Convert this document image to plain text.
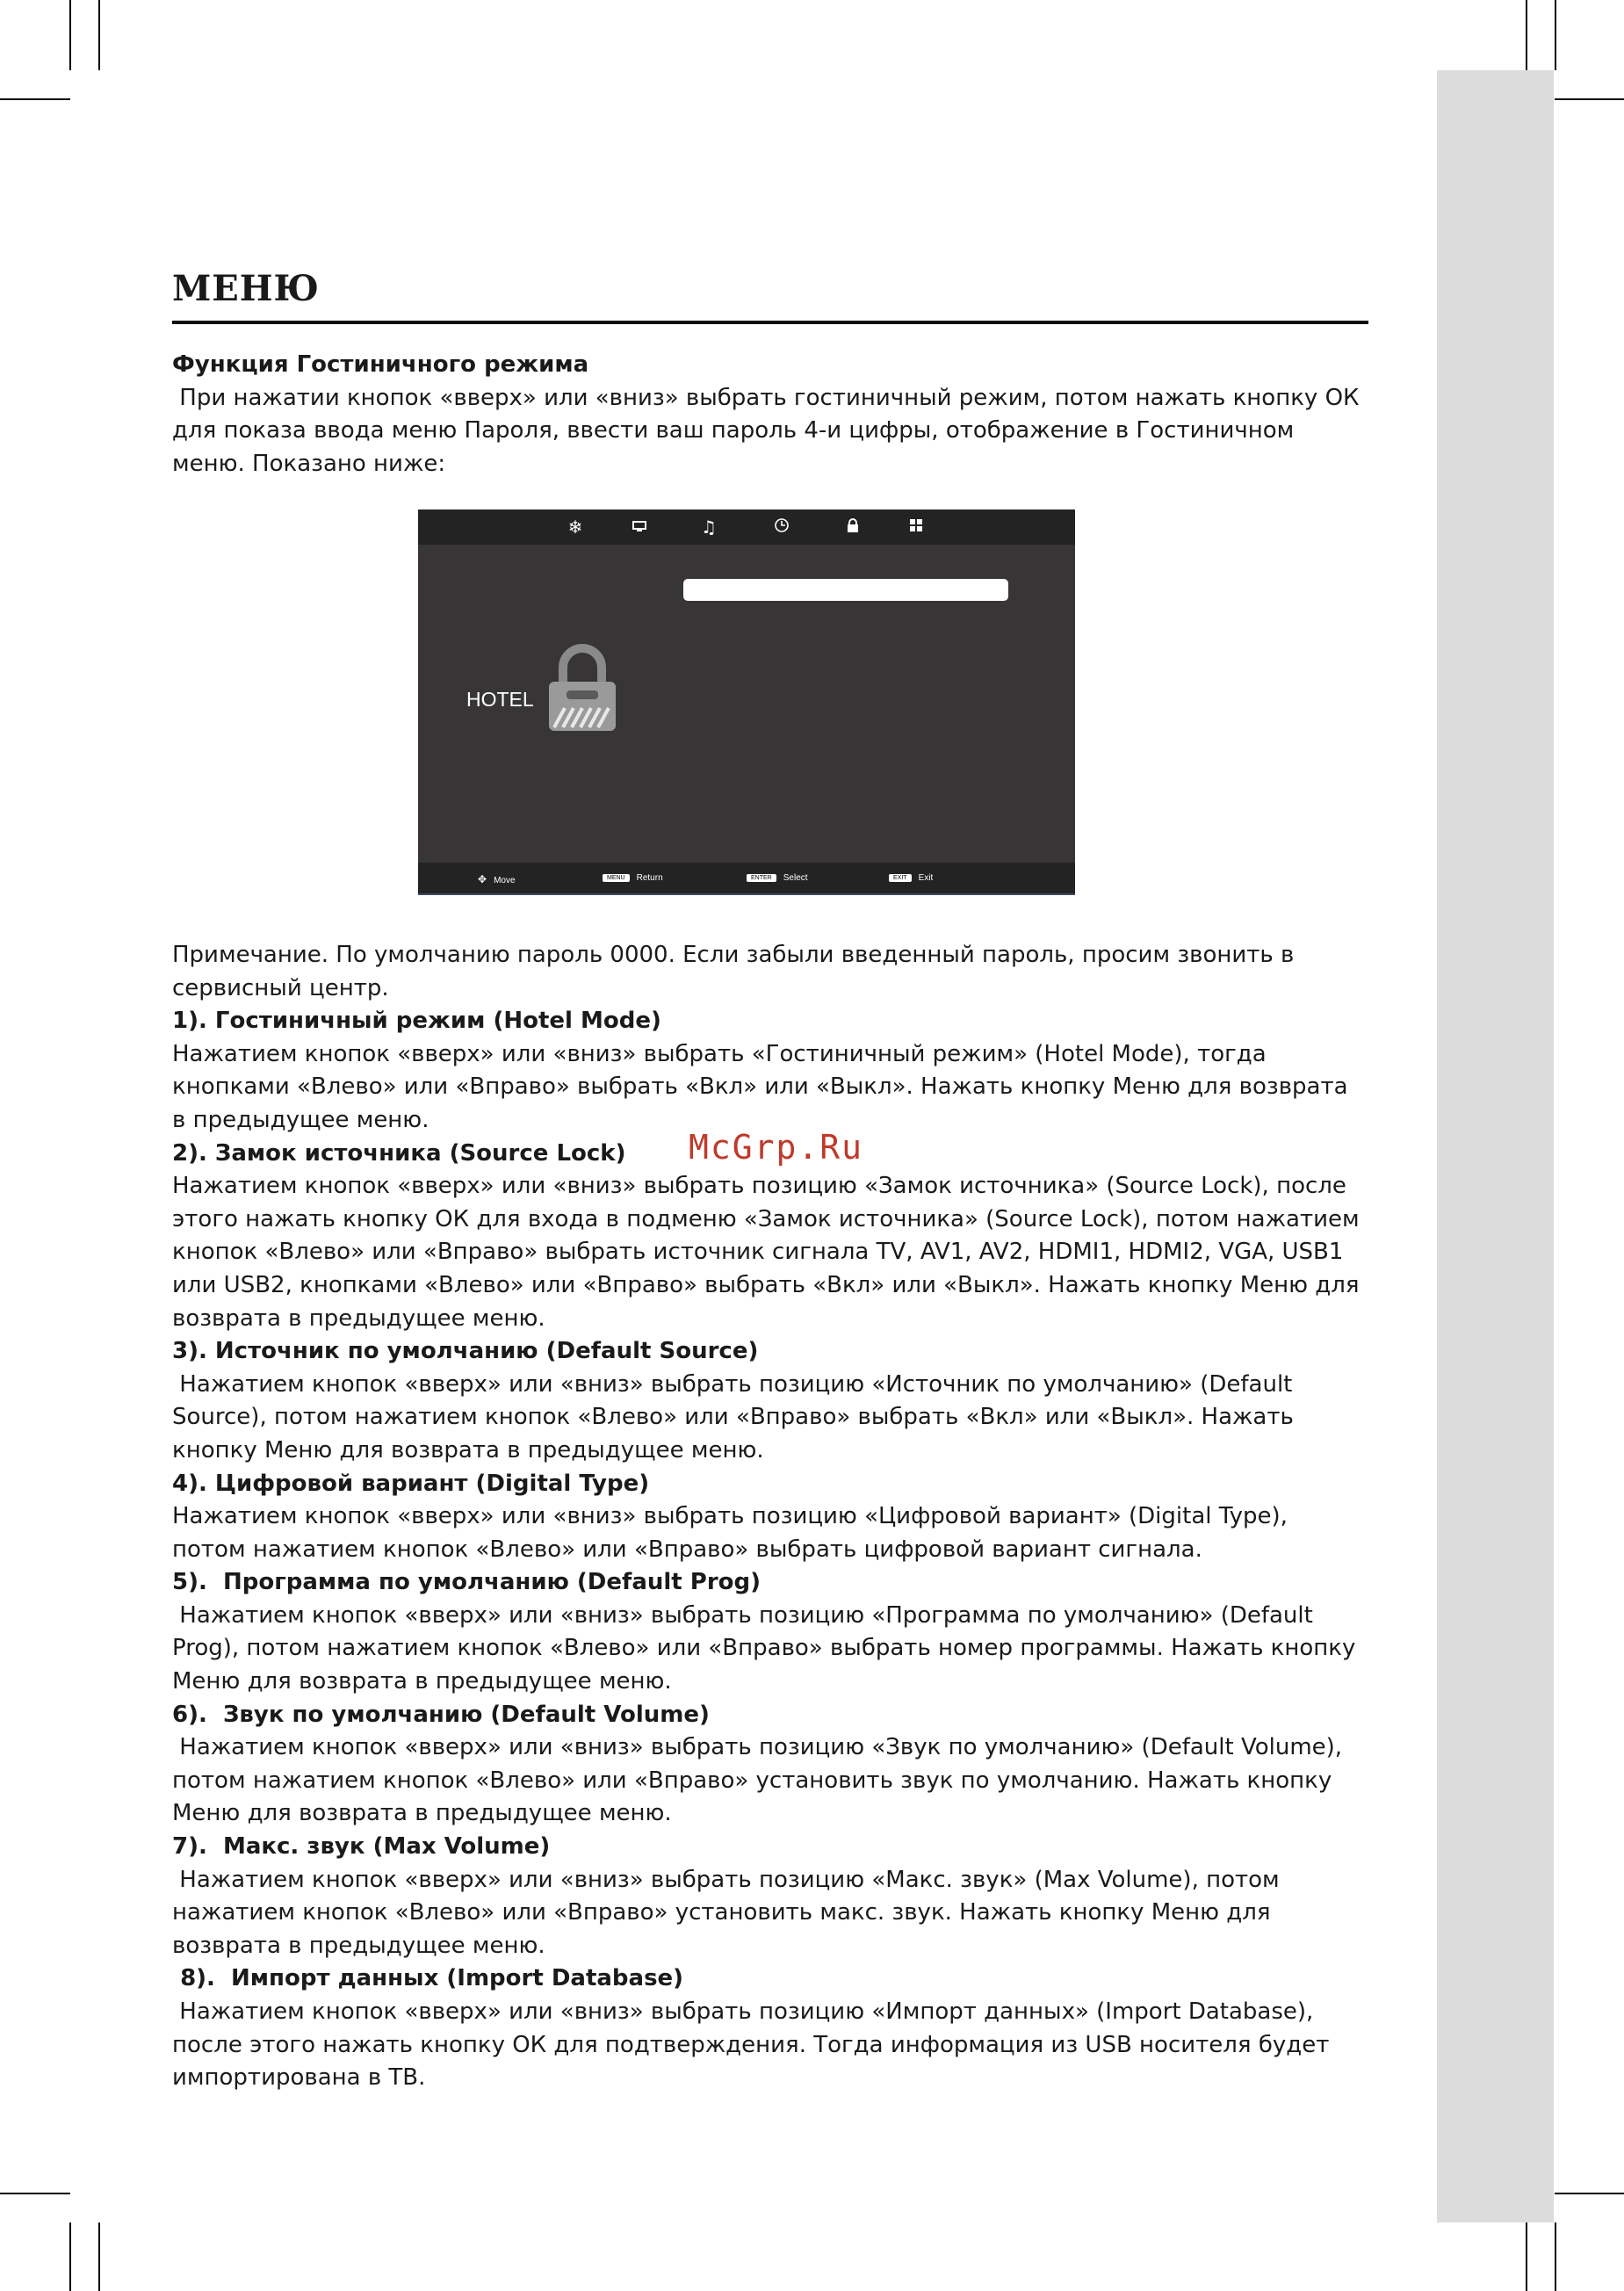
МЕНЮ
Функция Гостиничного режима
При нажатии кнопок «вверх» или «вниз» выбрать гостиничный режим, потом нажать кнопку ОК для показа ввода меню Пароля, ввести ваш пароль 4-и цифры, отображение в Гостиничном меню. Показано ниже:
❄	♫
HOTEL
✥ Move	MENU Return	ENTER Select	EXIT Exit

Примечание. По умолчанию пароль 0000. Если забыли введенный пароль, просим звонить в сервисный центр.

1). Гостиничный режим (Hotel Mode)

Нажатием кнопок «вверх» или «вниз» выбрать «Гостиничный режим» (Hotel Mode), тогда кнопками «Влево» или «Вправо» выбрать «Вкл» или «Выкл». Нажать кнопку Меню для возврата в предыдущее меню.

2). Замок источника (Source Lock)

Нажатием кнопок «вверх» или «вниз» выбрать позицию «Замок источника» (Source Lock), после этого нажать кнопку ОК для входа в подменю «Замок источника» (Source Lock), потом нажатием кнопок «Влево» или «Вправо» выбрать источник сигнала TV, AV1, AV2, HDMI1, HDMI2, VGA, USB1 или USB2, кнопками «Влево» или «Вправо» выбрать «Вкл» или «Выкл». Нажать кнопку Меню для возврата в предыдущее меню.

3). Источник по умолчанию (Default Source)

Нажатием кнопок «вверх» или «вниз» выбрать позицию «Источник по умолчанию» (Default Source), потом нажатием кнопок «Влево» или «Вправо» выбрать «Вкл» или «Выкл». Нажать кнопку Меню для возврата в предыдущее меню.

4). Цифровой вариант (Digital Type)

Нажатием кнопок «вверх» или «вниз» выбрать позицию «Цифровой вариант» (Digital Type), потом нажатием кнопок «Влево» или «Вправо» выбрать цифровой вариант сигнала.

5).  Программа по умолчанию (Default Prog)

Нажатием кнопок «вверх» или «вниз» выбрать позицию «Программа по умолчанию» (Default Prog), потом нажатием кнопок «Влево» или «Вправо» выбрать номер программы. Нажать кнопку Меню для возврата в предыдущее меню.

6).  Звук по умолчанию (Default Volume)

Нажатием кнопок «вверх» или «вниз» выбрать позицию «Звук по умолчанию» (Default Volume), потом нажатием кнопок «Влево» или «Вправо» установить звук по умолчанию. Нажать кнопку Меню для возврата в предыдущее меню.

7).  Макс. звук (Max Volume)

Нажатием кнопок «вверх» или «вниз» выбрать позицию «Макс. звук» (Max Volume), потом нажатием кнопок «Влево» или «Вправо» установить макс. звук. Нажать кнопку Меню для возврата в предыдущее меню.

8).  Импорт данных (Import Database)

Нажатием кнопок «вверх» или «вниз» выбрать позицию «Импорт данных» (Import Database), после этого нажать кнопку ОК для подтверждения. Тогда информация из USB носителя будет импортирована в ТВ.

McGrp.Ru
